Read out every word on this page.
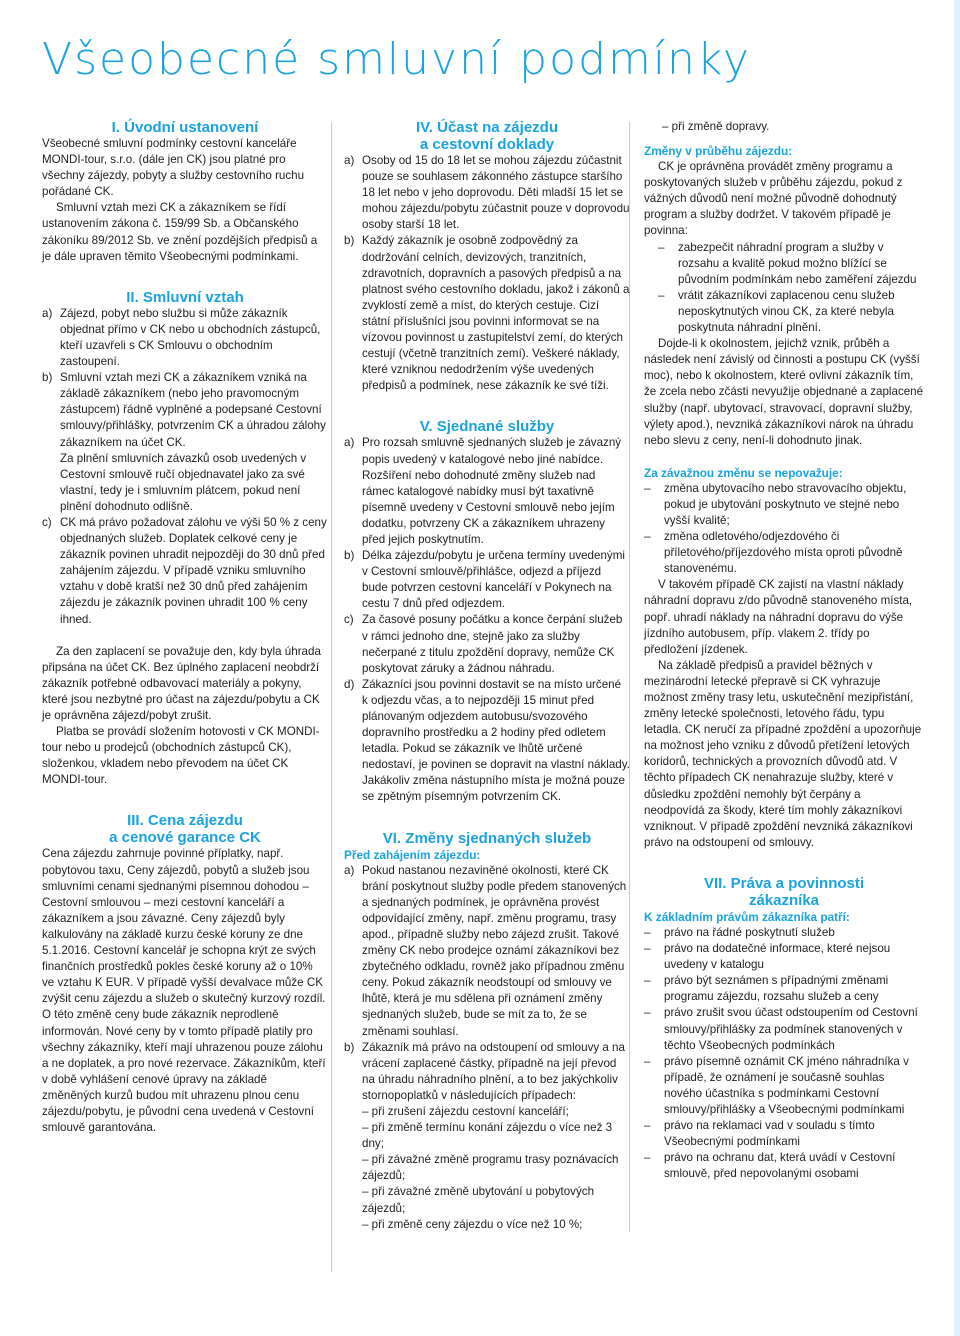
Všeobecné smluvní podmínky
I. Úvodní ustanovení

Všeobecné smluvní podmínky cestovní kanceláře MONDI-tour, s.r.o. (dále jen CK) jsou platné pro všechny zájezdy, pobyty a služby cestovního ruchu pořádané CK.

Smluvní vztah mezi CK a zákazníkem se řídí ustanovením zákona č. 159/99 Sb. a Občanského zákoníku 89/2012 Sb. ve znění pozdějších předpisů a je dále upraven těmito Všeobecnými podmínkami.

II. Smluvní vztah
a) Zájezd, pobyt nebo službu si může zákazník objednat přímo v CK nebo u obchodních zástupců, kteří uzavřeli s CK Smlouvu o obchodním zastoupení.
b) Smluvní vztah mezi CK a zákazníkem vzniká na základě zákazníkem (nebo jeho pravomocným zástupcem) řádně vyplněné a podepsané Cestovní smlouvy/přihlášky, potvrzením CK a úhradou zálohy zákazníkem na účet CK.
Za plnění smluvních závazků osob uvedených v Cestovní smlouvě ručí objednavatel jako za své vlastní, tedy je i smluvním plátcem, pokud není plnění dohodnuto odlišně.
c) CK má právo požadovat zálohu ve výši 50 % z ceny objednaných služeb. Doplatek celkové ceny je zákazník povinen uhradit nejpozději do 30 dnů před zahájením zájezdu. V případě vzniku smluvního vztahu v době kratší než 30 dnů před zahájením zájezdu je zákazník povinen uhradit 100 % ceny ihned.

Za den zaplacení se považuje den, kdy byla úhrada připsána na účet CK. Bez úplného zaplacení neobdrží zákazník potřebné odbavovací materiály a pokyny, které jsou nezbytné pro účast na zájezdu/pobytu a CK je oprávněna zájezd/pobyt zrušit.

Platba se provádí složením hotovosti v CK MONDI-tour nebo u prodejců (obchodních zástupců CK), složenkou, vkladem nebo převodem na účet CK MONDI-tour.

III. Cena zájezdu
a cenové garance CK

Cena zájezdu zahrnuje povinné příplatky, např. pobytovou taxu, Ceny zájezdů, pobytů a služeb jsou smluvními cenami sjednanými písemnou dohodou – Cestovní smlouvou – mezi cestovní kanceláří a zákazníkem a jsou závazné. Ceny zájezdů byly kalkulovány na základě kurzu české koruny ze dne 5.1.2016. Cestovní kancelář je schopna krýt ze svých finančních prostředků pokles české koruny až o 10% ve vztahu K EUR. V případě vyšší devalvace může CK zvýšit cenu zájezdu a služeb o skutečný kurzový rozdíl. O této změně ceny bude zákazník neprodleně informován. Nové ceny by v tomto případě platily pro všechny zákazníky, kteří mají uhrazenou pouze zálohu a ne doplatek, a pro nové rezervace. Zákazníkům, kteří v době vyhlášení cenové úpravy na základě změněných kurzů budou mít uhrazenu plnou cenu zájezdu/pobytu, je původní cena uvedená v Cestovní smlouvě garantována.

IV. Účast na zájezdu
a cestovní doklady
a) Osoby od 15 do 18 let se mohou zájezdu zúčastnit pouze se souhlasem zákonného zástupce staršího 18 let nebo v jeho doprovodu. Děti mladší 15 let se mohou zájezdu/pobytu zúčastnit pouze v doprovodu osoby starší 18 let.
b) Každý zákazník je osobně zodpovědný za dodržování celních, devizových, tranzitních, zdravotních, dopravních a pasových předpisů a na platnost svého cestovního dokladu, jakož i zákonů a zvyklostí země a míst, do kterých cestuje. Cizí státní příslušníci jsou povinni informovat se na vízovou povinnost u zastupitelství zemí, do kterých cestují (včetně tranzitních zemí). Veškeré náklady, které vzniknou nedodržením výše uvedených předpisů a podmínek, nese zákazník ke své tíži.
V. Sjednané služby
a) Pro rozsah smluvně sjednaných služeb je závazný popis uvedený v katalogové nebo jiné nabídce. Rozšíření nebo dohodnuté změny služeb nad rámec katalogové nabídky musí být taxativně písemně uvedeny v Cestovní smlouvě nebo jejím dodatku, potvrzeny CK a zákazníkem uhrazeny před jejich poskytnutím.
b) Délka zájezdu/pobytu je určena termíny uvedenými v Cestovní smlouvě/přihlášce, odjezd a příjezd bude potvrzen cestovní kanceláří v Pokynech na cestu 7 dnů před odjezdem.
c) Za časové posuny počátku a konce čerpání služeb v rámci jednoho dne, stejně jako za služby nečerpané z titulu zpoždění dopravy, nemůže CK poskytovat záruky a žádnou náhradu.
d) Zákazníci jsou povinni dostavit se na místo určené k odjezdu včas, a to nejpozději 15 minut před plánovaným odjezdem autobusu/svozového dopravního prostředku a 2 hodiny před odletem letadla. Pokud se zákazník ve lhůtě určené nedostaví, je povinen se dopravit na vlastní náklady. Jakákoliv změna nástupního místa je možná pouze se zpětným písemným potvrzením CK.
VI. Změny sjednaných služeb

Před zahájením zájezdu:

a) Pokud nastanou nezaviněné okolnosti, které CK brání poskytnout služby podle předem stanovených a sjednaných podmínek, je oprávněna provést odpovídající změny, např. změnu programu, trasy apod., případně služby nebo zájezd zrušit. Takové změny CK nebo prodejce oznámí zákazníkovi bez zbytečného odkladu, rovněž jako případnou změnu ceny. Pokud zákazník neodstoupí od smlouvy ve lhůtě, která je mu sdělena při oznámení změny sjednaných služeb, bude se mít za to, že se změnami souhlasí.
b) Zákazník má právo na odstoupení od smlouvy a na vrácení zaplacené částky, případně na její převod na úhradu náhradního plnění, a to bez jakýchkoliv stornopoplatků v následujících případech:
– při zrušení zájezdu cestovní kanceláří;
– při změně termínu konání zájezdu o více než 3 dny;
– při závažné změně programu trasy poznávacích zájezdů;
– při závažné změně ubytování u pobytových zájezdů;
– při změně ceny zájezdu o více než 10 %;
– při změně dopravy.

Změny v průběhu zájezdu:

CK je oprávněna provádět změny programu a poskytovaných služeb v průběhu zájezdu, pokud z vážných důvodů není možné původně dohodnutý program a služby dodržet. V takovém případě je povinna:

–	zabezpečit náhradní program a služby v rozsahu a kvalitě pokud možno blížící se původním podmínkám nebo zaměření zájezdu
–	vrátit zákazníkovi zaplacenou cenu služeb neposkytnutých vinou CK, za které nebyla poskytnuta náhradní plnění.

Dojde-li k okolnostem, jejichž vznik, průběh a následek není závislý od činnosti a postupu CK (vyšší moc), nebo k okolnostem, které ovlivní zákazník tím, že zcela nebo zčásti nevyužije objednané a zaplacené služby (např. ubytovací, stravovací, dopravní služby, výlety apod.), nevzniká zákazníkovi nárok na úhradu nebo slevu z ceny, není-li dohodnuto jinak.

Za závažnou změnu se nepovažuje:

–	změna ubytovacího nebo stravovacího objektu, pokud je ubytování poskytnuto ve stejné nebo vyšší kvalitě;
–	změna odletového/odjezdového či příletového/příjezdového místa oproti původně stanovenému.

V takovém případě CK zajistí na vlastní náklady náhradní dopravu z/do původně stanoveného místa, popř. uhradí náklady na náhradní dopravu do výše jízdního autobusem, příp. vlakem 2. třídy po předložení jízdenek.

Na základě předpisů a pravidel běžných v mezinárodní letecké přepravě si CK vyhrazuje možnost změny trasy letu, uskutečnění mezipřistání, změny letecké společnosti, letového řádu, typu letadla. CK neručí za případné zpoždění a upozorňuje na možnost jeho vzniku z důvodů přetížení letových koridorů, technických a provozních důvodů atd. V těchto případech CK nenahrazuje služby, které v důsledku zpoždění nemohly být čerpány a neodpovídá za škody, které tím mohly zákazníkovi vzniknout. V případě zpoždění nevzniká zákazníkovi právo na odstoupení od smlouvy.

VII. Práva a povinnosti
zákazníka

K základním právům zákazníka patří:

–	právo na řádné poskytnutí služeb
–	právo na dodatečné informace, které nejsou uvedeny v katalogu
–	právo být seznámen s případnými změnami programu zájezdu, rozsahu služeb a ceny
–	právo zrušit svou účast odstoupením od Cestovní smlouvy/přihlášky za podmínek stanovených v těchto Všeobecných podmínkách
–	právo písemně oznámit CK jméno náhradníka v případě, že oznámení je současně souhlas nového účastníka s podmínkami Cestovní smlouvy/přihlášky a Všeobecnými podmínkami
–	právo na reklamaci vad v souladu s tímto Všeobecnými podmínkami
–	právo na ochranu dat, která uvádí v Cestovní smlouvě, před nepovolanými osobami
